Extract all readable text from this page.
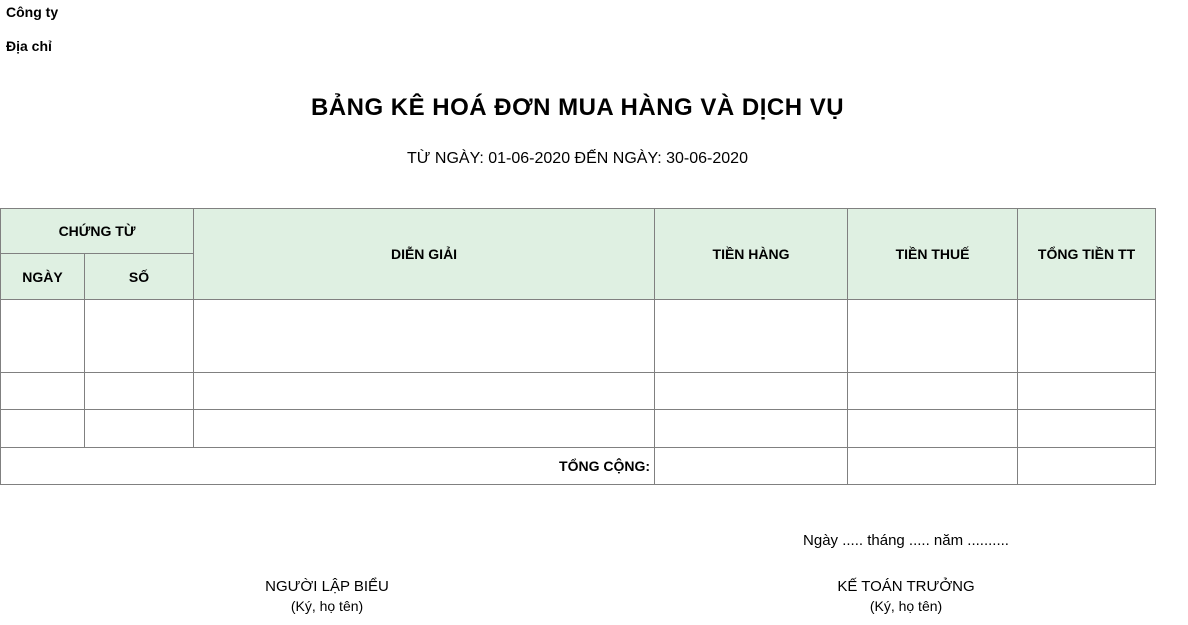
Công ty
Địa chỉ
BẢNG KÊ HOÁ ĐƠN MUA HÀNG VÀ DỊCH VỤ
TỪ NGÀY: 01-06-2020 ĐẾN NGÀY: 30-06-2020
CHỨNG TỪ		DIỄN GIẢI	TIỀN HÀNG	TIỀN THUẾ	TỔNG TIỀN TT
NGÀY	SỐ				

TỔNG CỘNG:					
Ngày ..... tháng ..... năm ..........
NGƯỜI LẬP BIỂU
(Ký, họ tên)
KẾ TOÁN TRƯỞNG
(Ký, họ tên)
